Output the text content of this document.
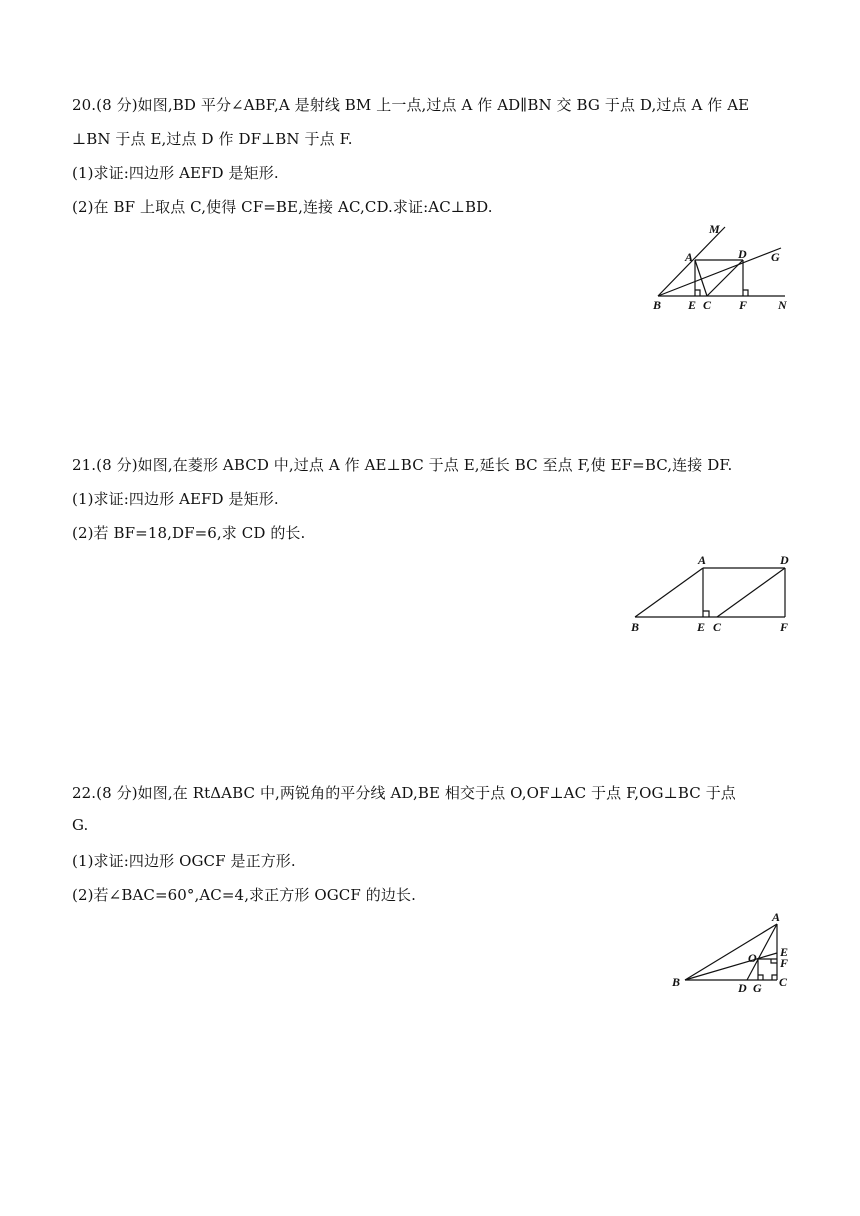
20.(8 分)如图,BD 平分∠ABF,A 是射线 BM 上一点,过点 A 作 AD∥BN 交 BG 于点 D,过点 A 作 AE
⊥BN 于点 E,过点 D 作 DF⊥BN 于点 F.
(1)求证:四边形 AEFD 是矩形.
(2)在 BF 上取点 C,使得 CF=BE,连接 AC,CD.求证:AC⊥BD.
M
A	D G
B E C F	N
21.(8 分)如图,在菱形 ABCD 中,过点 A 作 AE⊥BC 于点 E,延长 BC 至点 F,使 EF=BC,连接 DF.
(1)求证:四边形 AEFD 是矩形.
(2)若 BF=18,DF=6,求 CD 的长.
A	D
B	E C	F
22.(8 分)如图,在 RtΔABC 中,两锐角的平分线 AD,BE 相交于点 O,OF⊥AC 于点 F,OG⊥BC 于点
G.
(1)求证:四边形 OGCF 是正方形.
(2)若∠BAC=60°,AC=4,求正方形 OGCF 的边长.
A
E
O F
B	D G C
